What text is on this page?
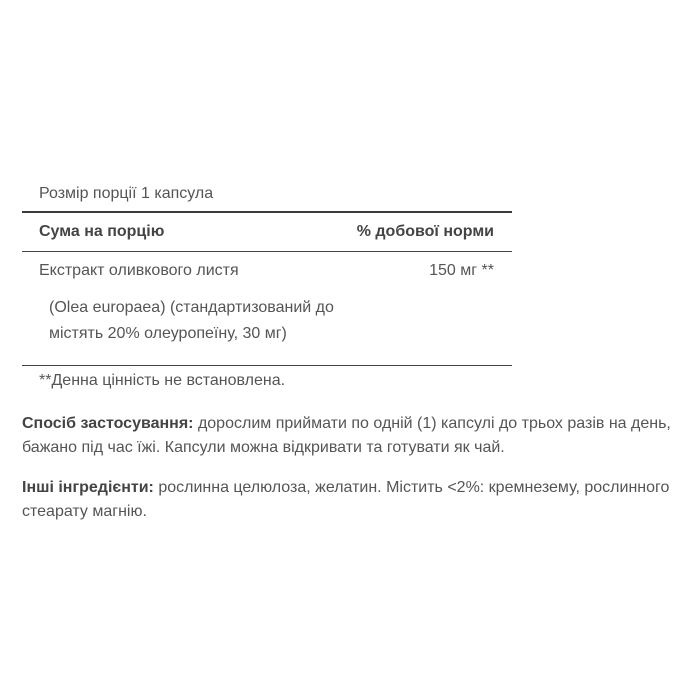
Розмір порції 1 капсула
Сума на порцію	% добової норми
Екстракт оливкового листя	150 мг **
(Olea europaea) (стандартизований до
містять 20% олеуропеїну, 30 мг)
**Денна цінність не встановлена.
Спосіб застосування: дорослим приймати по одній (1) капсулі до трьох разів на день, бажано під час їжі. Капсули можна відкривати та готувати як чай.
Інші інгредієнти: рослинна целюлоза, желатин. Містить <2%: кремнезему, рослинного стеарату магнію.
